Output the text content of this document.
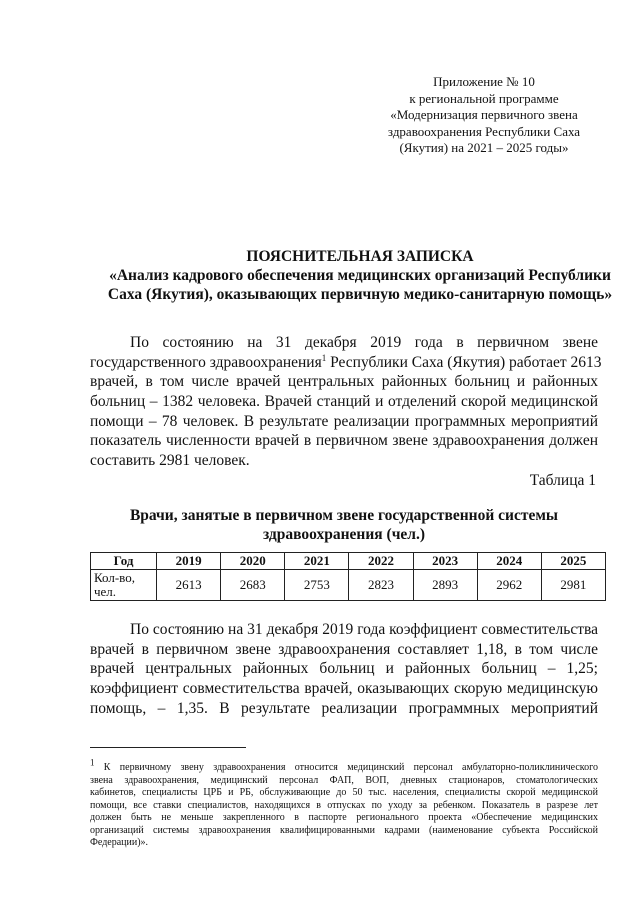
Приложение № 10
к региональной программе
«Модернизация первичного звена
здравоохранения Республики Саха
(Якутия) на 2021 – 2025 годы»
ПОЯСНИТЕЛЬНАЯ ЗАПИСКА
«Анализ кадрового обеспечения медицинских организаций Республики
Саха (Якутия), оказывающих первичную медико-санитарную помощь»
По состоянию на 31 декабря 2019 года в первичном звене
государственного здравоохранения$^1$ Республики Саха (Якутия) работает 2613
врачей, в том числе врачей центральных районных больниц и районных
больниц – 1382 человека. Врачей станций и отделений скорой медицинской
помощи – 78 человек. В результате реализации программных мероприятий
показатель численности врачей в первичном звене здравоохранения должен
составить 2981 человек.
Таблица 1
Врачи, занятые в первичном звене государственной системы
здравоохранения (чел.)
Год	2019	2020	2021	2022	2023	2024	2025
Кол-во, чел.	2613	2683	2753	2823	2893	2962	2981
По состоянию на 31 декабря 2019 года коэффициент совместительства
врачей в первичном звене здравоохранения составляет 1,18, в том числе
врачей центральных районных больниц и районных больниц – 1,25;
коэффициент совместительства врачей, оказывающих скорую медицинскую
помощь, – 1,35. В результате реализации программных мероприятий
$^1$ К первичному звену здравоохранения относится медицинский персонал амбулаторно-поликлинического
звена здравоохранения, медицинский персонал ФАП, ВОП, дневных стационаров, стоматологических
кабинетов, специалисты ЦРБ и РБ, обслуживающие до 50 тыс. населения, специалисты скорой медицинской
помощи, все ставки специалистов, находящихся в отпусках по уходу за ребенком. Показатель в разрезе лет
должен быть не меньше закрепленного в паспорте регионального проекта «Обеспечение медицинских
организаций системы здравоохранения квалифицированными кадрами (наименование субъекта Российской
Федерации)».
